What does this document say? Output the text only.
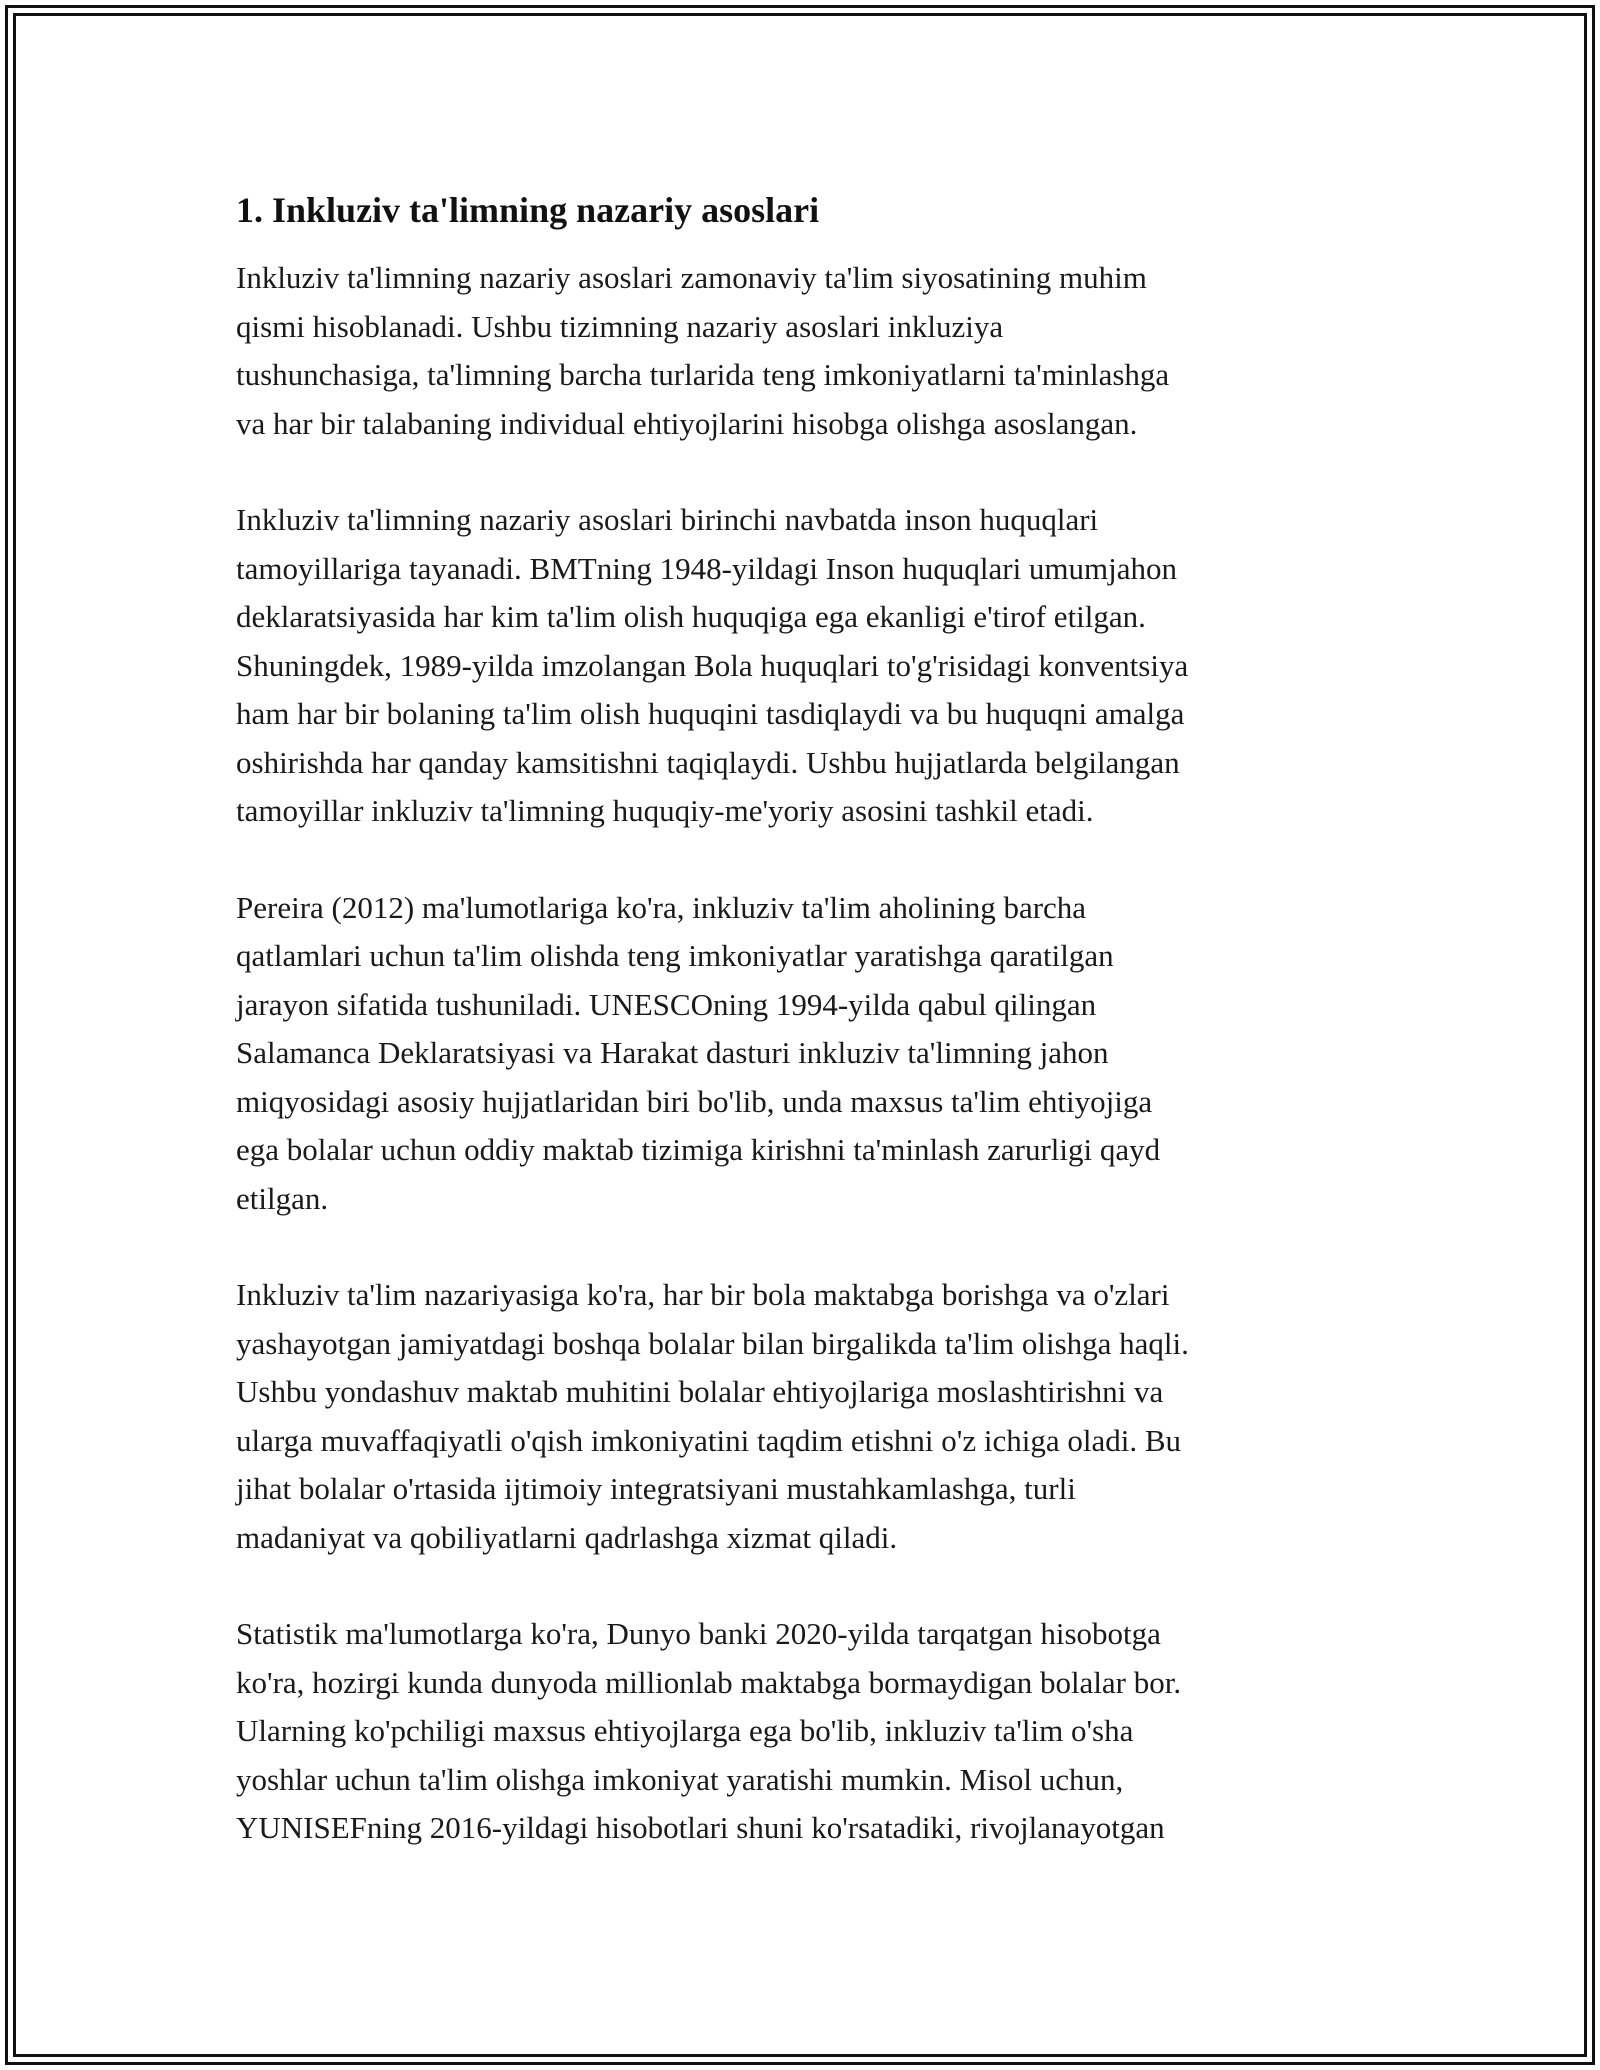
1. Inkluziv ta'limning nazariy asoslari

Inkluziv ta'limning nazariy asoslari zamonaviy ta'lim siyosatining muhim
qismi hisoblanadi. Ushbu tizimning nazariy asoslari inkluziya
tushunchasiga, ta'limning barcha turlarida teng imkoniyatlarni ta'minlashga
va har bir talabaning individual ehtiyojlarini hisobga olishga asoslangan.

Inkluziv ta'limning nazariy asoslari birinchi navbatda inson huquqlari
tamoyillariga tayanadi. BMTning 1948-yildagi Inson huquqlari umumjahon
deklaratsiyasida har kim ta'lim olish huquqiga ega ekanligi e'tirof etilgan.
Shuningdek, 1989-yilda imzolangan Bola huquqlari to'g'risidagi konventsiya
ham har bir bolaning ta'lim olish huquqini tasdiqlaydi va bu huquqni amalga
oshirishda har qanday kamsitishni taqiqlaydi. Ushbu hujjatlarda belgilangan
tamoyillar inkluziv ta'limning huquqiy-me'yoriy asosini tashkil etadi.

Pereira (2012) ma'lumotlariga ko'ra, inkluziv ta'lim aholining barcha
qatlamlari uchun ta'lim olishda teng imkoniyatlar yaratishga qaratilgan
jarayon sifatida tushuniladi. UNESCOning 1994-yilda qabul qilingan
Salamanca Deklaratsiyasi va Harakat dasturi inkluziv ta'limning jahon
miqyosidagi asosiy hujjatlaridan biri bo'lib, unda maxsus ta'lim ehtiyojiga
ega bolalar uchun oddiy maktab tizimiga kirishni ta'minlash zarurligi qayd
etilgan.

Inkluziv ta'lim nazariyasiga ko'ra, har bir bola maktabga borishga va o'zlari
yashayotgan jamiyatdagi boshqa bolalar bilan birgalikda ta'lim olishga haqli.
Ushbu yondashuv maktab muhitini bolalar ehtiyojlariga moslashtirishni va
ularga muvaffaqiyatli o'qish imkoniyatini taqdim etishni o'z ichiga oladi. Bu
jihat bolalar o'rtasida ijtimoiy integratsiyani mustahkamlashga, turli
madaniyat va qobiliyatlarni qadrlashga xizmat qiladi.

Statistik ma'lumotlarga ko'ra, Dunyo banki 2020-yilda tarqatgan hisobotga
ko'ra, hozirgi kunda dunyoda millionlab maktabga bormaydigan bolalar bor.
Ularning ko'pchiligi maxsus ehtiyojlarga ega bo'lib, inkluziv ta'lim o'sha
yoshlar uchun ta'lim olishga imkoniyat yaratishi mumkin. Misol uchun,
YUNISEFning 2016-yildagi hisobotlari shuni ko'rsatadiki, rivojlanayotgan
